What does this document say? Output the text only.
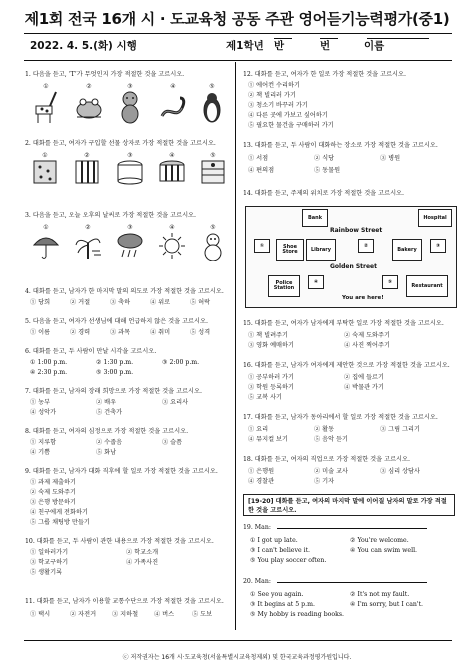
제1회 전국 16개 시 · 도교육청 공동 주관 영어듣기능력평가(중1)
2022. 4. 5.(화) 시행	제1학년 반	번	이름
1. 다음을 듣고, ‘T’가 무엇인지 가장 적절한 것을 고르시오.
①	②	③	④	⑤
2. 대화를 듣고, 여자가 구입할 선물 상자로 가장 적절한 것을 고르시오.
①	②	③	④	⑤
3. 다음을 듣고, 오늘 오후의 날씨로 가장 적절한 것을 고르시오.
①	②	③	④	⑤
4. 대화를 듣고, 남자가 한 마지막 말의 의도로 가장 적절한 것을 고르시오.
① 당희	② 거절	③ 축하	④ 위로	⑤ 허락
5. 다음을 듣고, 여자가 선생님에 대해 언급하지 않은 것을 고르시오.
① 이름	② 경력	③ 과목	④ 취미	⑤ 성격
6. 대화를 듣고, 두 사람이 만날 시각을 고르시오.
① 1:00 p.m.	② 1:30 p.m.	③ 2:00 p.m.
④ 2:30 p.m.	⑤ 3:00 p.m.
7. 대화를 듣고, 남자의 장래 희망으로 가장 적절한 것을 고르시오.
① 농부	② 배우	③ 요리사
④ 성악가	⑤ 건축가
8. 대화를 듣고, 여자의 심정으로 가장 적절한 것을 고르시오.
① 지루함	② 수줍음	③ 슬픔
④ 기쁨	⑤ 화남
9. 대화를 듣고, 남자가 대화 직후에 할 일로 가장 적절한 것을 고르시오.
① 과제 제출하기
② 숙제 도와주기
③ 은행 방문하기
④ 친구에게 전화하기
⑤ 그룹 채팅방 만들기
10. 대화를 듣고, 두 사람이 관한 내용으로 가장 적절한 것을 고르시오.
① 일하러가기	② 학교소개
③ 학교구하기	④ 가족사진
⑤ 생활기록
11. 대화를 듣고, 남자가 이용할 교통수단으로 가장 적절한 것을 고르시오.
① 택시	② 자전거	③ 지하철	④ 버스	⑤ 도보
12. 대화를 듣고, 여자가 한 일로 가장 적절한 것을 고르시오.
① 에어컨 수리하기
② 책 빌리러 가기
③ 청소기 바꾸러 가기
④ 다른 곳에 가보고 싶어하기
⑤ 필요한 물건을 구매하러 가기
13. 대화를 듣고, 두 사람이 대화하는 장소로 가장 적절한 것을 고르시오.
① 서점	② 식당	③ 병원
④ 편의점	⑤ 동물원
14. 대화를 듣고, 주제의 위치로 가장 적절한 것을 고르시오.
Bank	Hospital
Rainbow Street
①	Shoe Store	Library
②
Bakery
③
Golden Street
Police Station
④	⑤
Restaurant
You are here!
15. 대화를 듣고, 여자가 남자에게 부탁한 일로 가장 적절한 것을 고르시오.
① 책 빌려주기	② 숙제 도와주기
③ 영화 예매하기	④ 사진 찍어주기
16. 대화를 듣고, 남자가 여자에게 제안한 것으로 가장 적절한 것을 고르시오.
① 공부하러 가기	② 집에 들르기
③ 학원 등록하기	④ 박물관 가기
⑤ 교복 사기
17. 대화를 듣고, 남자가 동아리에서 할 일로 가장 적절한 것을 고르시오.
① 요리	② 활동	③ 그림 그리기
④ 뮤지컬 보기	⑤ 음악 듣기
18. 대화를 듣고, 여자의 직업으로 가장 적절한 것을 고르시오.
① 은행원	② 미술 교사	③ 심리 상담사
④ 경찰관	⑤ 기자
[19-20] 대화를 듣고, 여자의 마지막 말에 이어질 남자의 말로 가장 적절한 것을 고르시오.
19. Man:
① I got up late.	② You're welcome.
③ I can't believe it.	④ You can swim well.
⑤ You play soccer often.
20. Man:
① See you again.	② It's not my fault.
③ It begins at 5 p.m.	④ I'm sorry, but I can't.
⑤ My hobby is reading books.
ⓒ 저작권자는 16개 시·도교육청(서울특별시교육청제외) 및 한국교육과정평가원입니다.
